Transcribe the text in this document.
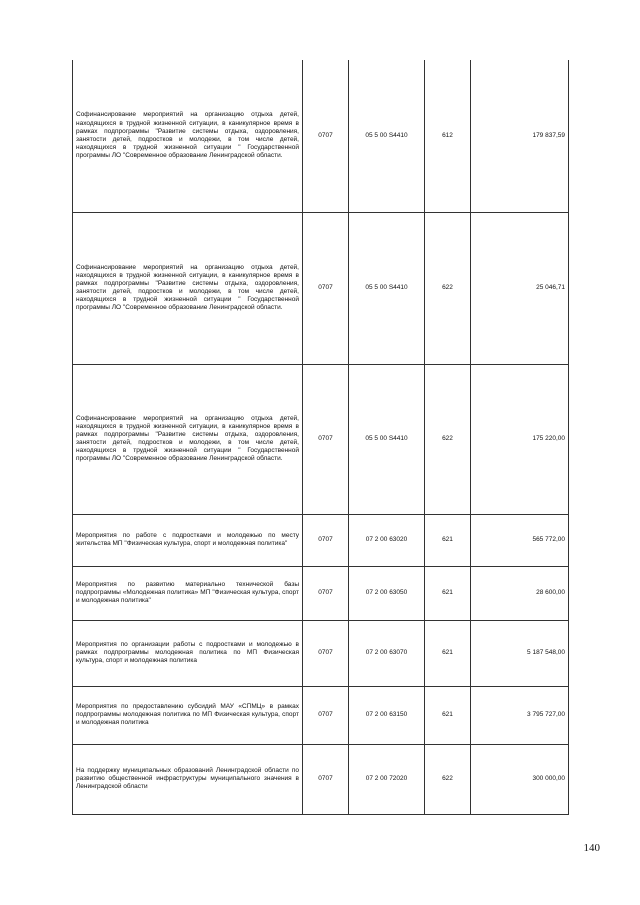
Софинансирование мероприятий на организацию отдыха детей, находящихся в трудной жизненной ситуации, в каникулярное время в рамках подпрограммы "Развитие системы отдыха, оздоровления, занятости детей, подростков и молодежи, в том числе детей, находящихся в трудной жизненной ситуации " Государственной программы ЛО "Современное образование Ленинградской области.	0707	05 5 00 S4410	612	179 837,59
Софинансирование мероприятий на организацию отдыха детей, находящихся в трудной жизненной ситуации, в каникулярное время в рамках подпрограммы "Развитие системы отдыха, оздоровления, занятости детей, подростков и молодежи, в том числе детей, находящихся в трудной жизненной ситуации " Государственной программы ЛО "Современное образование Ленинградской области.	0707	05 5 00 S4410	622	25 046,71
Софинансирование мероприятий на организацию отдыха детей, находящихся в трудной жизненной ситуации, в каникулярное время в рамках подпрограммы "Развитие системы отдыха, оздоровления, занятости детей, подростков и молодежи, в том числе детей, находящихся в трудной жизненной ситуации " Государственной программы ЛО "Современное образование Ленинградской области.	0707	05 5 00 S4410	622	175 220,00
Мероприятия по работе с подростками и молодежью по месту жительства МП "Физическая культура, спорт и молодежная политика"	0707	07 2 00 63020	621	565 772,00
Мероприятия по развитию материально технической базы подпрограммы «Молодежная политика» МП "Физическая культура, спорт и молодежная политика"	0707	07 2 00 63050	621	28 600,00
Мероприятия по организации работы с подростками и молодежью в рамках подпрограммы молодежная политика по МП Физическая культура, спорт и молодежная политика	0707	07 2 00 63070	621	5 187 548,00
Мероприятия по предоставлению субсидий МАУ «СПМЦ» в рамках подпрограммы молодежная политика по МП Физическая культура, спорт и молодежная политика	0707	07 2 00 63150	621	3 795 727,00
На поддержку муниципальных образований Ленинградской области по развитию общественной инфраструктуры муниципального значения в Ленинградской области	0707	07 2 00 72020	622	300 000,00
140
